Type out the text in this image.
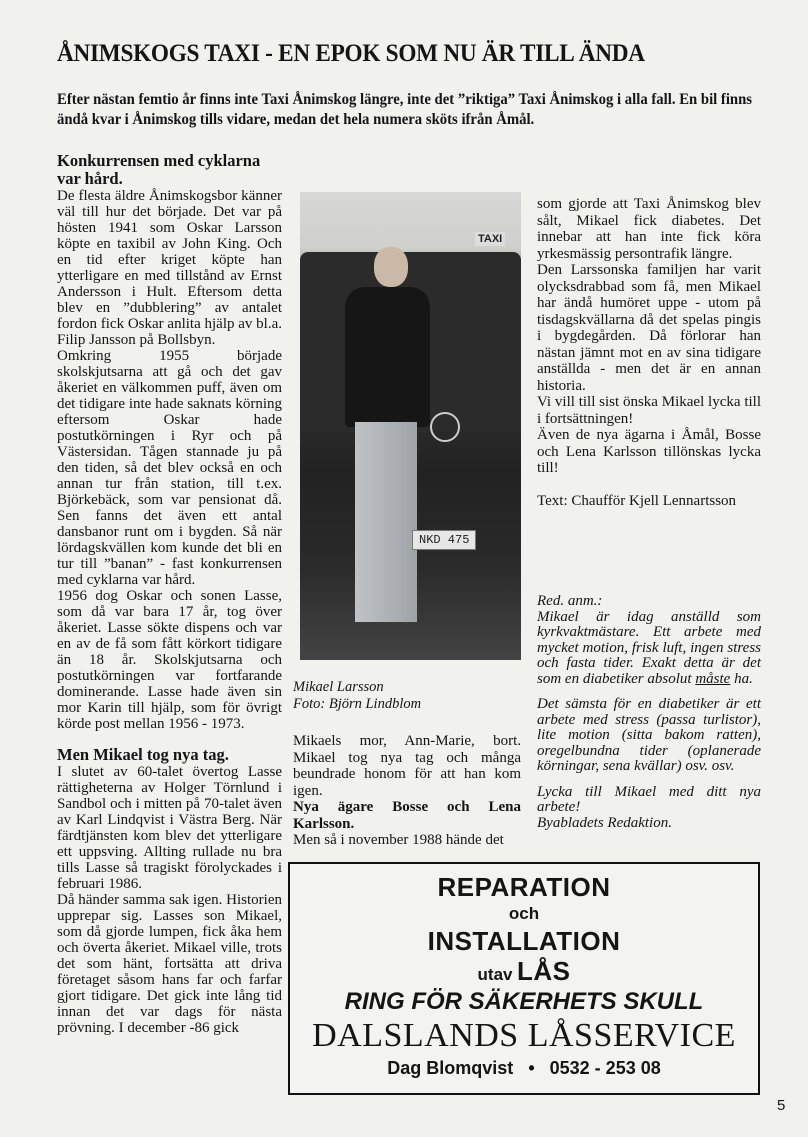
ÅNIMSKOGS TAXI - EN EPOK SOM NU ÄR TILL ÄNDA
Efter nästan femtio år finns inte Taxi Ånimskog längre, inte det ”riktiga” Taxi Ånimskog i alla fall. En bil finns ändå kvar i Ånimskog tills vidare, medan det hela numera sköts ifrån Åmål.
Konkurrensen med cyklarna var hård.

De flesta äldre Ånimskogsbor känner väl till hur det började. Det var på hösten 1941 som Oskar Larsson köpte en taxibil av John King. Och en tid efter kriget köpte han ytterligare en med tillstånd av Ernst Andersson i Hult. Eftersom detta blev en ”dubblering” av antalet fordon fick Oskar anlita hjälp av bl.a. Filip Jansson på Bollsbyn.

Omkring 1955 började skolskjutsarna att gå och det gav åkeriet en välkommen puff, även om det tidigare inte hade saknats körning eftersom Oskar hade postutkörningen i Ryr och på Västersidan. Tågen stannade ju på den tiden, så det blev också en och annan tur från station, till t.ex. Björkebäck, som var pensionat då. Sen fanns det även ett antal dansbanor runt om i bygden. Så när lördagskvällen kom kunde det bli en tur till ”banan” - fast konkurrensen med cyklarna var hård.

1956 dog Oskar och sonen Lasse, som då var bara 17 år, tog över åkeriet. Lasse sökte dispens och var en av de få som fått körkort tidigare än 18 år. Skolskjutsarna och postutkörningen var fortfarande dominerande. Lasse hade även sin mor Karin till hjälp, som för övrigt körde post mellan 1956 - 1973.

Men Mikael tog nya tag.

I slutet av 60-talet övertog Lasse rättigheterna av Holger Törnlund i Sandbol och i mitten på 70-talet även av Karl Lindqvist i Västra Berg. När färdtjänsten kom blev det ytterligare ett uppsving. Allting rullade nu bra tills Lasse så tragiskt förolyckades i februari 1986.

Då händer samma sak igen. Historien upprepar sig. Lasses son Mikael, som då gjorde lumpen, fick åka hem och överta åkeriet. Mikael ville, trots det som hänt, fortsätta att driva företaget såsom hans far och farfar gjort tidigare. Det gick inte lång tid innan det var dags för nästa prövning. I december -86 gick

TAXI
NKD 475
Mikael Larsson
Foto: Björn Lindblom

Mikaels mor, Ann-Marie, bort. Mikael tog nya tag och många beundrade honom för att han kom igen.

Nya ägare Bosse och Lena Karlsson.

Men så i november 1988 hände det

som gjorde att Taxi Ånimskog blev sålt, Mikael fick diabetes. Det innebar att han inte fick köra yrkesmässig persontrafik längre.

Den Larssonska familjen har varit olycksdrabbad som få, men Mikael har ändå humöret uppe - utom på tisdagskvällarna då det spelas pingis i bygdegården. Då förlorar han nästan jämnt mot en av sina tidigare anställda - men det är en annan historia.

Vi vill till sist önska Mikael lycka till i fortsättningen!

Även de nya ägarna i Åmål, Bosse och Lena Karlsson tillönskas lycka till!

Text: Chaufför Kjell Lennartsson

Red. anm.:

Mikael är idag anställd som kyrkvaktmästare. Ett arbete med mycket motion, frisk luft, ingen stress och fasta tider. Exakt detta är det som en diabetiker absolut måste ha.

Det sämsta för en diabetiker är ett arbete med stress (passa turlistor), lite motion (sitta bakom ratten), oregelbundna tider (oplanerade körningar, sena kvällar) osv. osv.

Lycka till Mikael med ditt nya arbete!

Byabladets Redaktion.

REPARATION
och
INSTALLATION
utav LÅS
RING FÖR SÄKERHETS SKULL
DALSLANDS LÅSSERVICE
Dag Blomqvist • 0532 - 253 08
5
